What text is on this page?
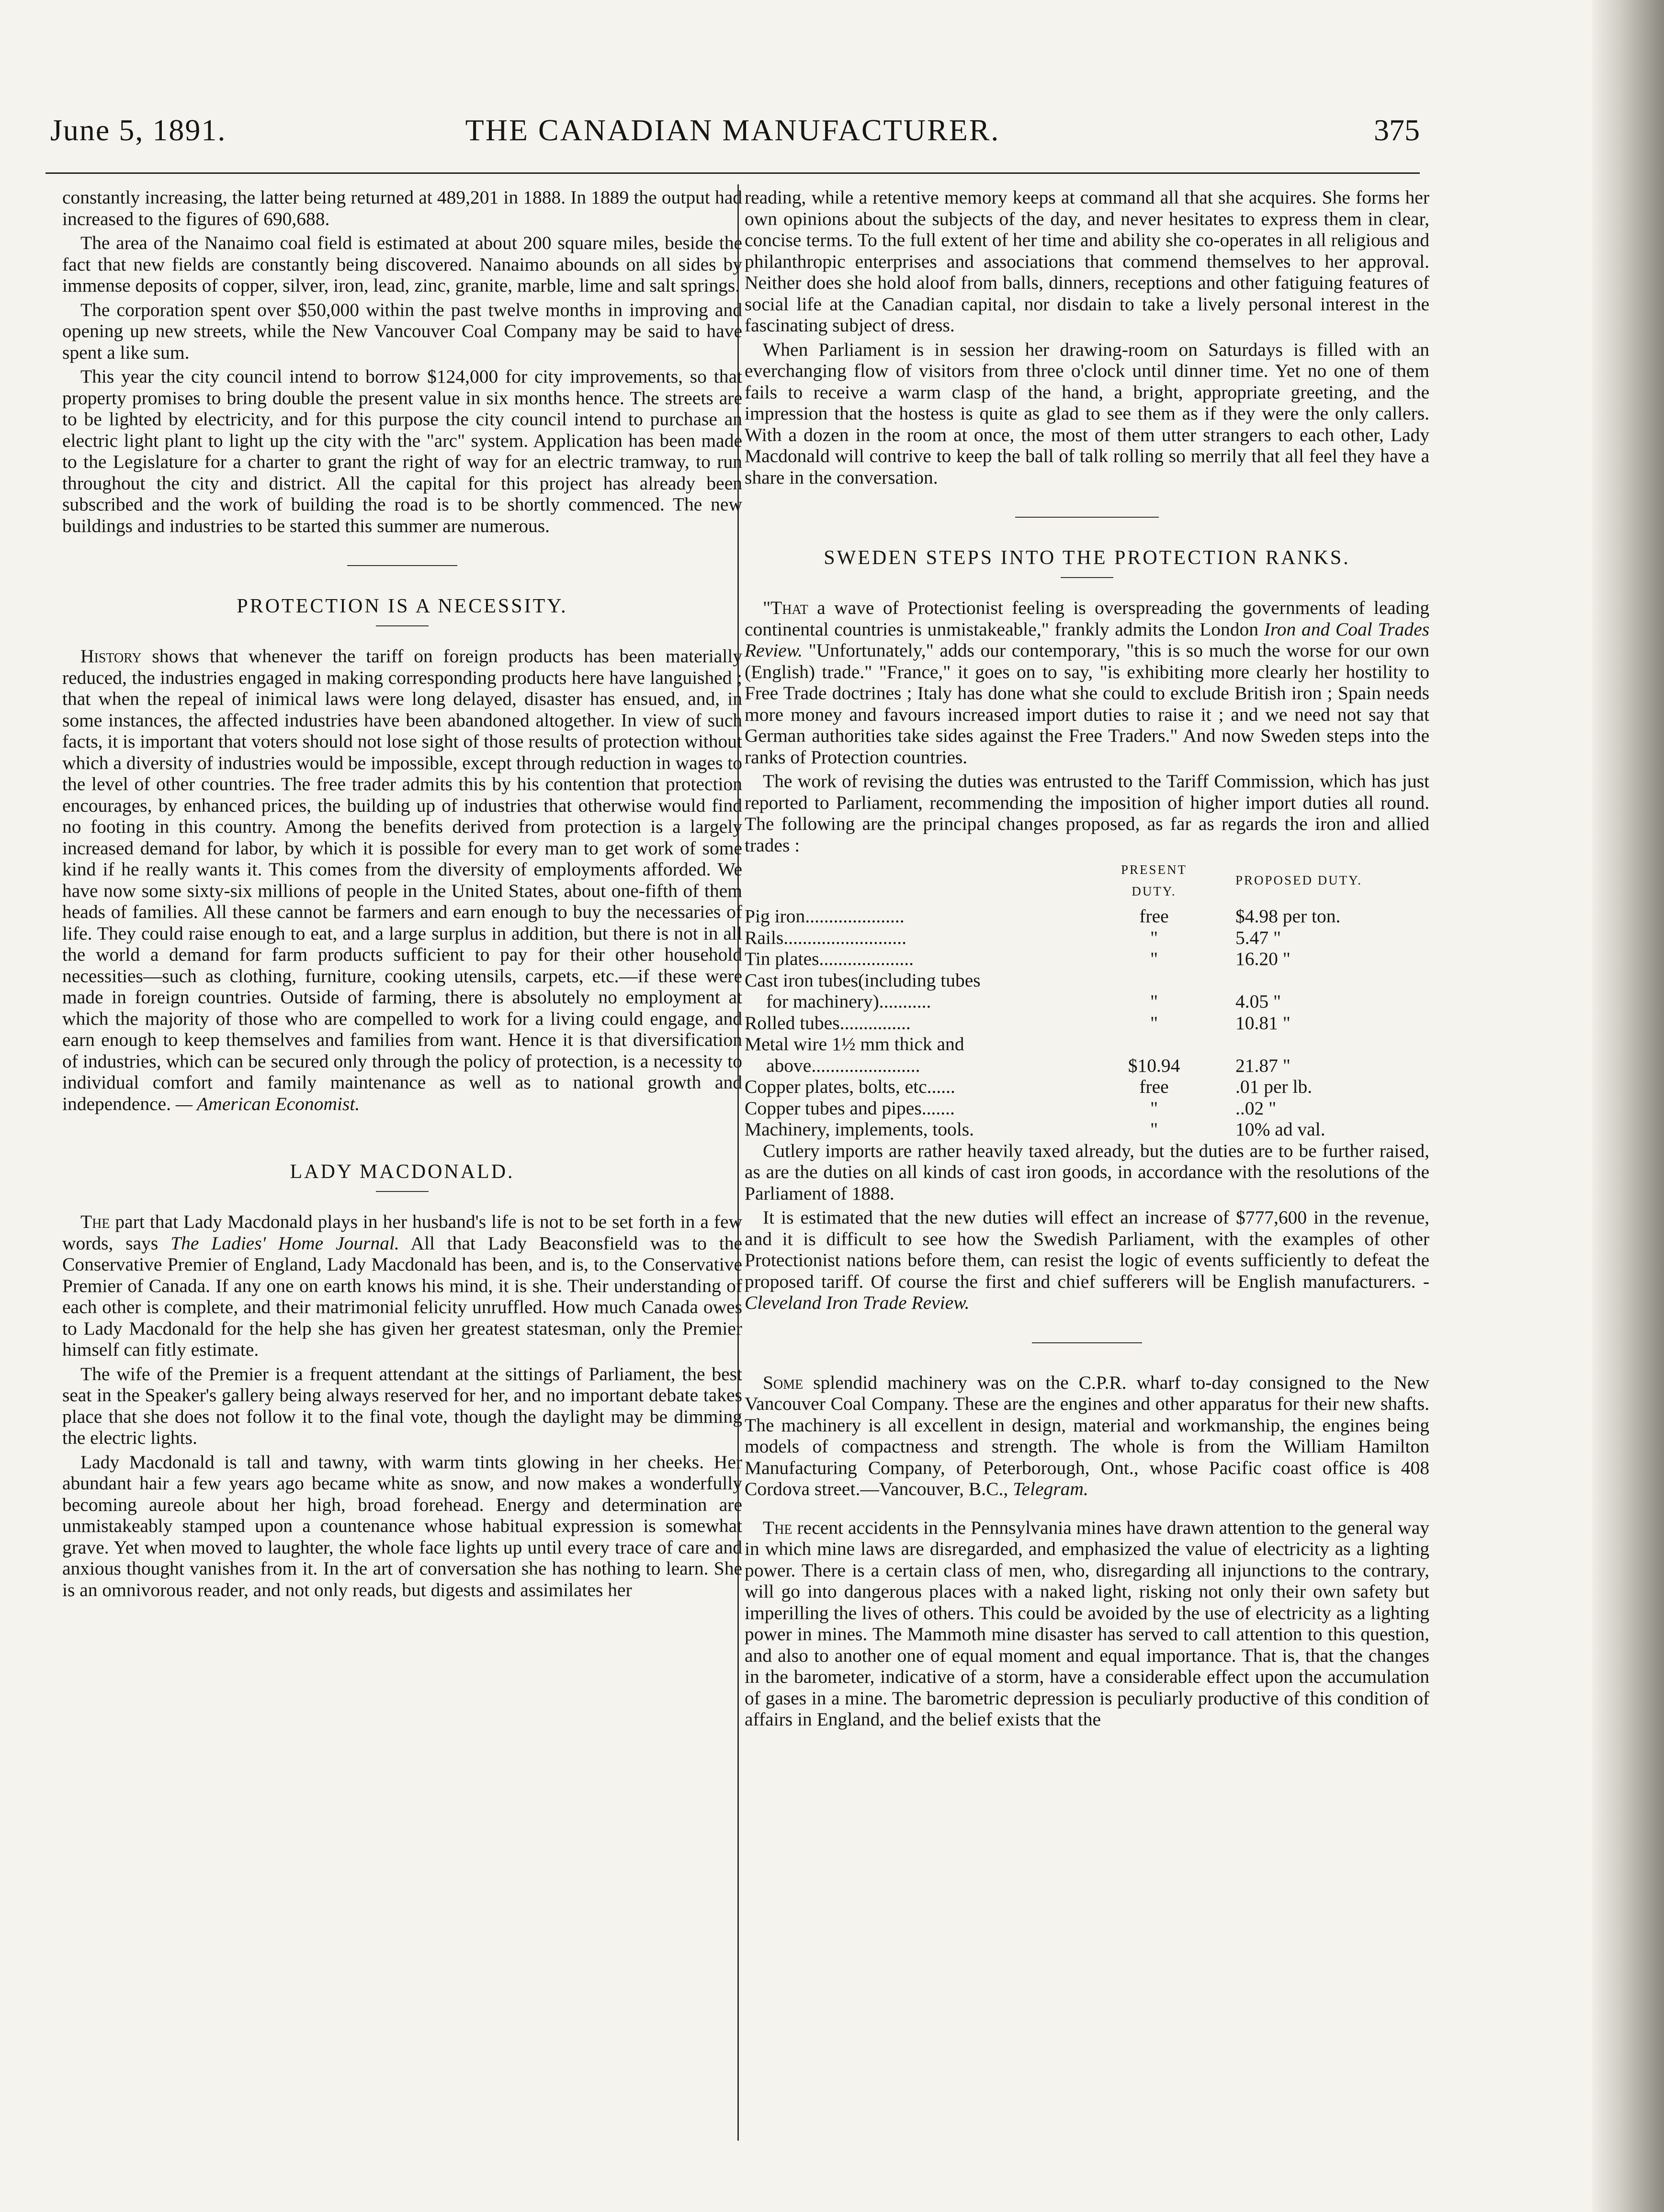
June 5, 1891.	THE CANADIAN MANUFACTURER.	375

constantly increasing, the latter being returned at 489,201 in 1888. In 1889 the output had increased to the figures of 690,688.

The area of the Nanaimo coal field is estimated at about 200 square miles, beside the fact that new fields are constantly being discovered. Nanaimo abounds on all sides by immense deposits of copper, silver, iron, lead, zinc, granite, marble, lime and salt springs.

The corporation spent over $50,000 within the past twelve months in improving and opening up new streets, while the New Vancouver Coal Company may be said to have spent a like sum.

This year the city council intend to borrow $124,000 for city improvements, so that property promises to bring double the present value in six months hence. The streets are to be lighted by electricity, and for this purpose the city council intend to purchase an electric light plant to light up the city with the "arc" system. Application has been made to the Legislature for a charter to grant the right of way for an electric tramway, to run throughout the city and district. All the capital for this project has already been subscribed and the work of building the road is to be shortly commenced. The new buildings and industries to be started this summer are numerous.

PROTECTION IS A NECESSITY.

History shows that whenever the tariff on foreign products has been materially reduced, the industries engaged in making corresponding products here have languished ; that when the repeal of inimical laws were long delayed, disaster has ensued, and, in some instances, the affected industries have been abandoned altogether. In view of such facts, it is important that voters should not lose sight of those results of protection without which a diversity of industries would be impossible, except through reduction in wages to the level of other countries. The free trader admits this by his contention that protection encourages, by enhanced prices, the building up of industries that otherwise would find no footing in this country. Among the benefits derived from protection is a largely increased demand for labor, by which it is possible for every man to get work of some kind if he really wants it. This comes from the diversity of employments afforded. We have now some sixty-six millions of people in the United States, about one-fifth of them heads of families. All these cannot be farmers and earn enough to buy the necessaries of life. They could raise enough to eat, and a large surplus in addition, but there is not in all the world a demand for farm products sufficient to pay for their other household necessities—such as clothing, furniture, cooking utensils, carpets, etc.—if these were made in foreign countries. Outside of farming, there is absolutely no employment at which the majority of those who are compelled to work for a living could engage, and earn enough to keep themselves and families from want. Hence it is that diversification of industries, which can be secured only through the policy of protection, is a necessity to individual comfort and family maintenance as well as to national growth and independence. — American Economist.

LADY MACDONALD.

The part that Lady Macdonald plays in her husband's life is not to be set forth in a few words, says The Ladies' Home Journal. All that Lady Beaconsfield was to the Conservative Premier of England, Lady Macdonald has been, and is, to the Conservative Premier of Canada. If any one on earth knows his mind, it is she. Their understanding of each other is complete, and their matrimonial felicity unruffled. How much Canada owes to Lady Macdonald for the help she has given her greatest statesman, only the Premier himself can fitly estimate.

The wife of the Premier is a frequent attendant at the sittings of Parliament, the best seat in the Speaker's gallery being always reserved for her, and no important debate takes place that she does not follow it to the final vote, though the daylight may be dimming the electric lights.

Lady Macdonald is tall and tawny, with warm tints glowing in her cheeks. Her abundant hair a few years ago became white as snow, and now makes a wonderfully becoming aureole about her high, broad forehead. Energy and determination are unmistakeably stamped upon a countenance whose habitual expression is somewhat grave. Yet when moved to laughter, the whole face lights up until every trace of care and anxious thought vanishes from it. In the art of conversation she has nothing to learn. She is an omnivorous reader, and not only reads, but digests and assimilates her

reading, while a retentive memory keeps at command all that she acquires. She forms her own opinions about the subjects of the day, and never hesitates to express them in clear, concise terms. To the full extent of her time and ability she co-operates in all religious and philanthropic enterprises and associations that commend themselves to her approval. Neither does she hold aloof from balls, dinners, receptions and other fatiguing features of social life at the Canadian capital, nor disdain to take a lively personal interest in the fascinating subject of dress.

When Parliament is in session her drawing-room on Saturdays is filled with an everchanging flow of visitors from three o'clock until dinner time. Yet no one of them fails to receive a warm clasp of the hand, a bright, appropriate greeting, and the impression that the hostess is quite as glad to see them as if they were the only callers. With a dozen in the room at once, the most of them utter strangers to each other, Lady Macdonald will contrive to keep the ball of talk rolling so merrily that all feel they have a share in the conversation.

SWEDEN STEPS INTO THE PROTECTION RANKS.

"That a wave of Protectionist feeling is overspreading the governments of leading continental countries is unmistakeable," frankly admits the London Iron and Coal Trades Review. "Unfortunately," adds our contemporary, "this is so much the worse for our own (English) trade." "France," it goes on to say, "is exhibiting more clearly her hostility to Free Trade doctrines ; Italy has done what she could to exclude British iron ; Spain needs more money and favours increased import duties to raise it ; and we need not say that German authorities take sides against the Free Traders." And now Sweden steps into the ranks of Protection countries.

The work of revising the duties was entrusted to the Tariff Commission, which has just reported to Parliament, recommending the imposition of higher import duties all round. The following are the principal changes proposed, as far as regards the iron and allied trades :

	PRESENT DUTY.	PROPOSED DUTY.
Pig iron.....................	free	$4.98 per ton.
Rails..........................	"	5.47 "
Tin plates....................	"	16.20 "
Cast iron tubes(including tubes		
for machinery)...........	"	4.05 "
Rolled tubes...............	"	10.81 "
Metal wire 1½ mm thick and		
above.......................	$10.94	21.87 "
Copper plates, bolts, etc......	free	.01 per lb.
Copper tubes and pipes.......	"	..02 "
Machinery, implements, tools.	"	10% ad val.

Cutlery imports are rather heavily taxed already, but the duties are to be further raised, as are the duties on all kinds of cast iron goods, in accordance with the resolutions of the Parliament of 1888.

It is estimated that the new duties will effect an increase of $777,600 in the revenue, and it is difficult to see how the Swedish Parliament, with the examples of other Protectionist nations before them, can resist the logic of events sufficiently to defeat the proposed tariff. Of course the first and chief sufferers will be English manufacturers. - Cleveland Iron Trade Review.

Some splendid machinery was on the C.P.R. wharf to-day consigned to the New Vancouver Coal Company. These are the engines and other apparatus for their new shafts. The machinery is all excellent in design, material and workmanship, the engines being models of compactness and strength. The whole is from the William Hamilton Manufacturing Company, of Peterborough, Ont., whose Pacific coast office is 408 Cordova street.—Vancouver, B.C., Telegram.

The recent accidents in the Pennsylvania mines have drawn attention to the general way in which mine laws are disregarded, and emphasized the value of electricity as a lighting power. There is a certain class of men, who, disregarding all injunctions to the contrary, will go into dangerous places with a naked light, risking not only their own safety but imperilling the lives of others. This could be avoided by the use of electricity as a lighting power in mines. The Mammoth mine disaster has served to call attention to this question, and also to another one of equal moment and equal importance. That is, that the changes in the barometer, indicative of a storm, have a considerable effect upon the accumulation of gases in a mine. The barometric depression is peculiarly productive of this condition of affairs in England, and the belief exists that the
